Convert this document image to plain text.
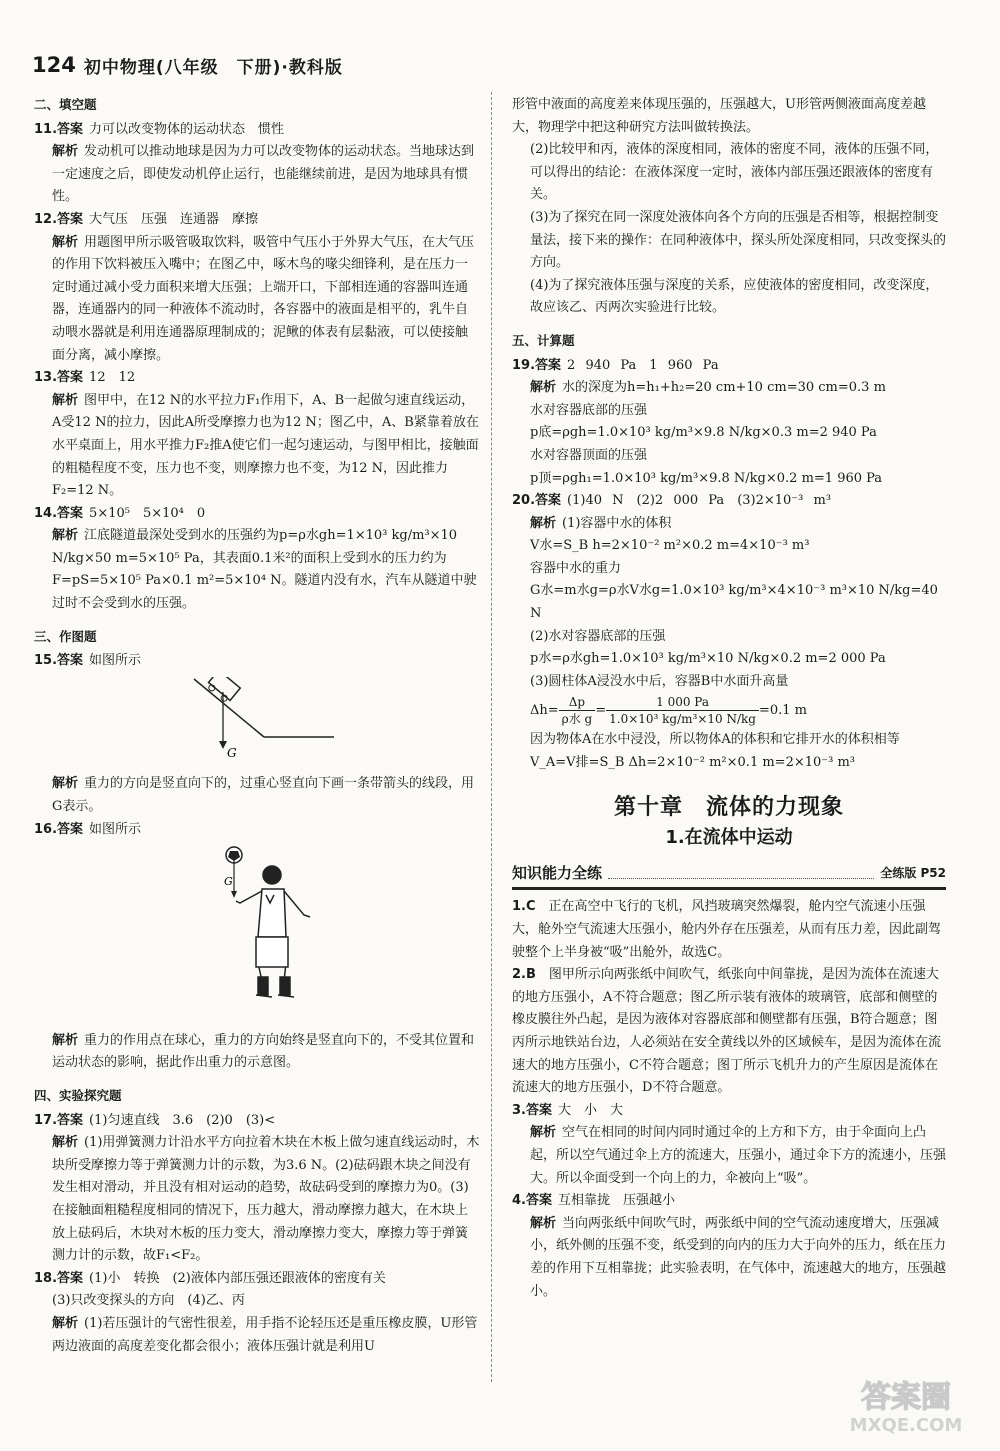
124 初中物理(八年级　下册)·教科版
二、填空题
11.答案 力可以改变物体的运动状态　惯性
解析 发动机可以推动地球是因为力可以改变物体的运动状态。当地球达到一定速度之后，即使发动机停止运行，也能继续前进，是因为地球具有惯性。
12.答案 大气压　压强　连通器　摩擦
解析 用题图甲所示吸管吸取饮料，吸管中气压小于外界大气压，在大气压的作用下饮料被压入嘴中；在图乙中，啄木鸟的喙尖细锋利，是在压力一定时通过减小受力面积来增大压强；上端开口，下部相连通的容器叫连通器，连通器内的同一种液体不流动时，各容器中的液面是相平的，乳牛自动喂水器就是利用连通器原理制成的；泥鳅的体表有层黏液，可以使接触面分离，减小摩擦。
13.答案 12　12
解析 图甲中，在12 N的水平拉力F₁作用下，A、B一起做匀速直线运动，A受12 N的拉力，因此A所受摩擦力也为12 N；图乙中，A、B紧靠着放在水平桌面上，用水平推力F₂推A使它们一起匀速运动，与图甲相比，接触面的粗糙程度不变，压力也不变，则摩擦力也不变，为12 N，因此推力F₂=12 N。
14.答案 5×10⁵　5×10⁴　0
解析 江底隧道最深处受到水的压强约为p=ρ水gh=1×10³ kg/m³×10 N/kg×50 m=5×10⁵ Pa，其表面0.1米²的面积上受到水的压力约为F=pS=5×10⁵ Pa×0.1 m²=5×10⁴ N。隧道内没有水，汽车从隧道中驶过时不会受到水的压强。
三、作图题
15.答案 如图所示
G
解析 重力的方向是竖直向下的，过重心竖直向下画一条带箭头的线段，用G表示。
16.答案 如图所示
G
解析 重力的作用点在球心，重力的方向始终是竖直向下的，不受其位置和运动状态的影响，据此作出重力的示意图。
四、实验探究题
17.答案 (1)匀速直线　3.6　(2)0　(3)<
解析 (1)用弹簧测力计沿水平方向拉着木块在木板上做匀速直线运动时，木块所受摩擦力等于弹簧测力计的示数，为3.6 N。(2)砝码跟木块之间没有发生相对滑动，并且没有相对运动的趋势，故砝码受到的摩擦力为0。(3)在接触面粗糙程度相同的情况下，压力越大，滑动摩擦力越大，在木块上放上砝码后，木块对木板的压力变大，滑动摩擦力变大，摩擦力等于弹簧测力计的示数，故F₁<F₂。
18.答案 (1)小　转换　(2)液体内部压强还跟液体的密度有关
(3)只改变探头的方向　(4)乙、丙
解析 (1)若压强计的气密性很差，用手指不论轻压还是重压橡皮膜，U形管两边液面的高度差变化都会很小；液体压强计就是利用U
形管中液面的高度差来体现压强的，压强越大，U形管两侧液面高度差越大，物理学中把这种研究方法叫做转换法。
(2)比较甲和丙，液体的深度相同，液体的密度不同，液体的压强不同，可以得出的结论：在液体深度一定时，液体内部压强还跟液体的密度有关。
(3)为了探究在同一深度处液体向各个方向的压强是否相等，根据控制变量法，接下来的操作：在同种液体中，探头所处深度相同，只改变探头的方向。
(4)为了探究液体压强与深度的关系，应使液体的密度相同，改变深度，故应该乙、丙两次实验进行比较。
五、计算题
19.答案 2 940 Pa　1 960 Pa
解析 水的深度为h=h₁+h₂=20 cm+10 cm=30 cm=0.3 m
水对容器底部的压强
p底=ρgh=1.0×10³ kg/m³×9.8 N/kg×0.3 m=2 940 Pa
水对容器顶面的压强
p顶=ρgh₁=1.0×10³ kg/m³×9.8 N/kg×0.2 m=1 960 Pa
20.答案 (1)40 N　(2)2 000 Pa　(3)2×10⁻³ m³
解析 (1)容器中水的体积
V水=S_B h=2×10⁻² m²×0.2 m=4×10⁻³ m³
容器中水的重力
G水=m水g=ρ水V水g=1.0×10³ kg/m³×4×10⁻³ m³×10 N/kg=40 N
(2)水对容器底部的压强
p水=ρ水gh=1.0×10³ kg/m³×10 N/kg×0.2 m=2 000 Pa
(3)圆柱体A浸没水中后，容器B中水面升高量
$\Delta h= \frac{\Delta p}{\text{ρ水 g}} = \frac{1 000 Pa}{\text{1.0×10³ kg/m³×10 N/kg}} =0.1$ m
因为物体A在水中浸没，所以物体A的体积和它排开水的体积相等
V_A=V排=S_B Δh=2×10⁻² m²×0.1 m=2×10⁻³ m³
第十章　流体的力现象
1.在流体中运动
知识能力全练	全练版 P52
1.C　 正在高空中飞行的飞机，风挡玻璃突然爆裂，舱内空气流速小压强大，舱外空气流速大压强小，舱内外存在压强差，从而有压力差，因此副驾驶整个上半身被“吸”出舱外，故选C。
2.B　 图甲所示向两张纸中间吹气，纸张向中间靠拢，是因为流体在流速大的地方压强小，A不符合题意；图乙所示装有液体的玻璃管，底部和侧壁的橡皮膜往外凸起，是因为液体对容器底部和侧壁都有压强，B符合题意；图丙所示地铁站台边，人必须站在安全黄线以外的区域候车，是因为流体在流速大的地方压强小，C不符合题意；图丁所示飞机升力的产生原因是流体在流速大的地方压强小，D不符合题意。
3.答案 大　小　大
解析 空气在相同的时间内同时通过伞的上方和下方，由于伞面向上凸起，所以空气通过伞上方的流速大，压强小，通过伞下方的流速小，压强大。所以伞面受到一个向上的力，伞被向上“吸”。
4.答案 互相靠拢　压强越小
解析 当向两张纸中间吹气时，两张纸中间的空气流动速度增大，压强减小，纸外侧的压强不变，纸受到的向内的压力大于向外的压力，纸在压力差的作用下互相靠拢；此实验表明，在气体中，流速越大的地方，压强越小。
答案圈
MXQE.COM
